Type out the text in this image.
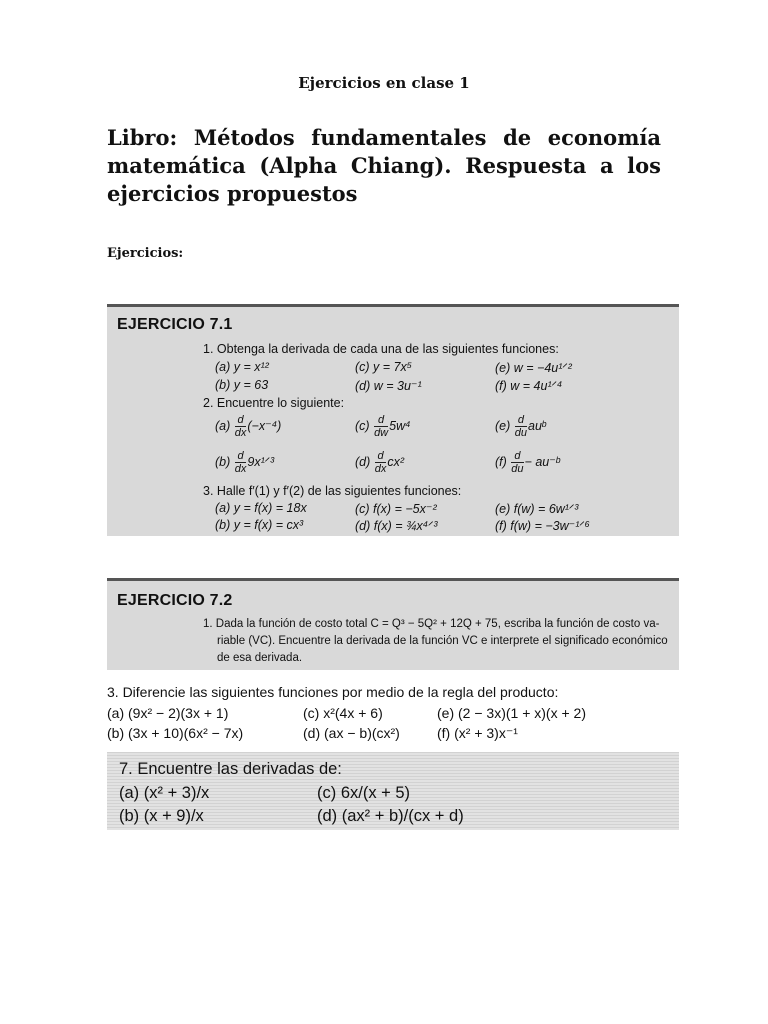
Ejercicios en clase 1
Libro: Métodos fundamentales de economía matemática (Alpha Chiang). Respuesta a los ejercicios propuestos
Ejercicios:
EJERCICIO 7.1
1. Obtenga la derivada de cada una de las siguientes funciones:
(a) y = x¹²	(c) y = 7x⁵	(e) w = −4u¹ᐟ²
(b) y = 63	(d) w = 3u⁻¹	(f) w = 4u¹ᐟ⁴
2. Encuentre lo siguiente:
$(a) \frac{d}{dx} (-x^{-4})$	$(c) \frac{d}{dw} 5w^4$	$(e) \frac{d}{du}$ auᵇ
$(b) \frac{d}{dx}$ 9x¹ᐟ³	$(d) \frac{d}{dx} cx^2$	$(f) \frac{d}{du}$ − au⁻ᵇ
3. Halle f′(1) y f′(2) de las siguientes funciones:
(a) y = f(x) = 18x	(c) f(x) = −5x⁻²	(e) f(w) = 6w¹ᐟ³
(b) y = f(x) = cx³	(d) f(x) = ¾x⁴ᐟ³	(f) f(w) = −3w⁻¹ᐟ⁶
EJERCICIO 7.2
1. Dada la función de costo total C = Q³ − 5Q² + 12Q + 75, escriba la función de costo va-
riable (VC). Encuentre la derivada de la función VC e interprete el significado económico
de esa derivada.
3. Diferencie las siguientes funciones por medio de la regla del producto:
(a) (9x² − 2)(3x + 1)	(c) x²(4x + 6)	(e) (2 − 3x)(1 + x)(x + 2)
(b) (3x + 10)(6x² − 7x)	(d) (ax − b)(cx²)	(f) (x² + 3)x⁻¹
7. Encuentre las derivadas de:
(a) (x² + 3)/x	(c) 6x/(x + 5)
(b) (x + 9)/x	(d) (ax² + b)/(cx + d)
